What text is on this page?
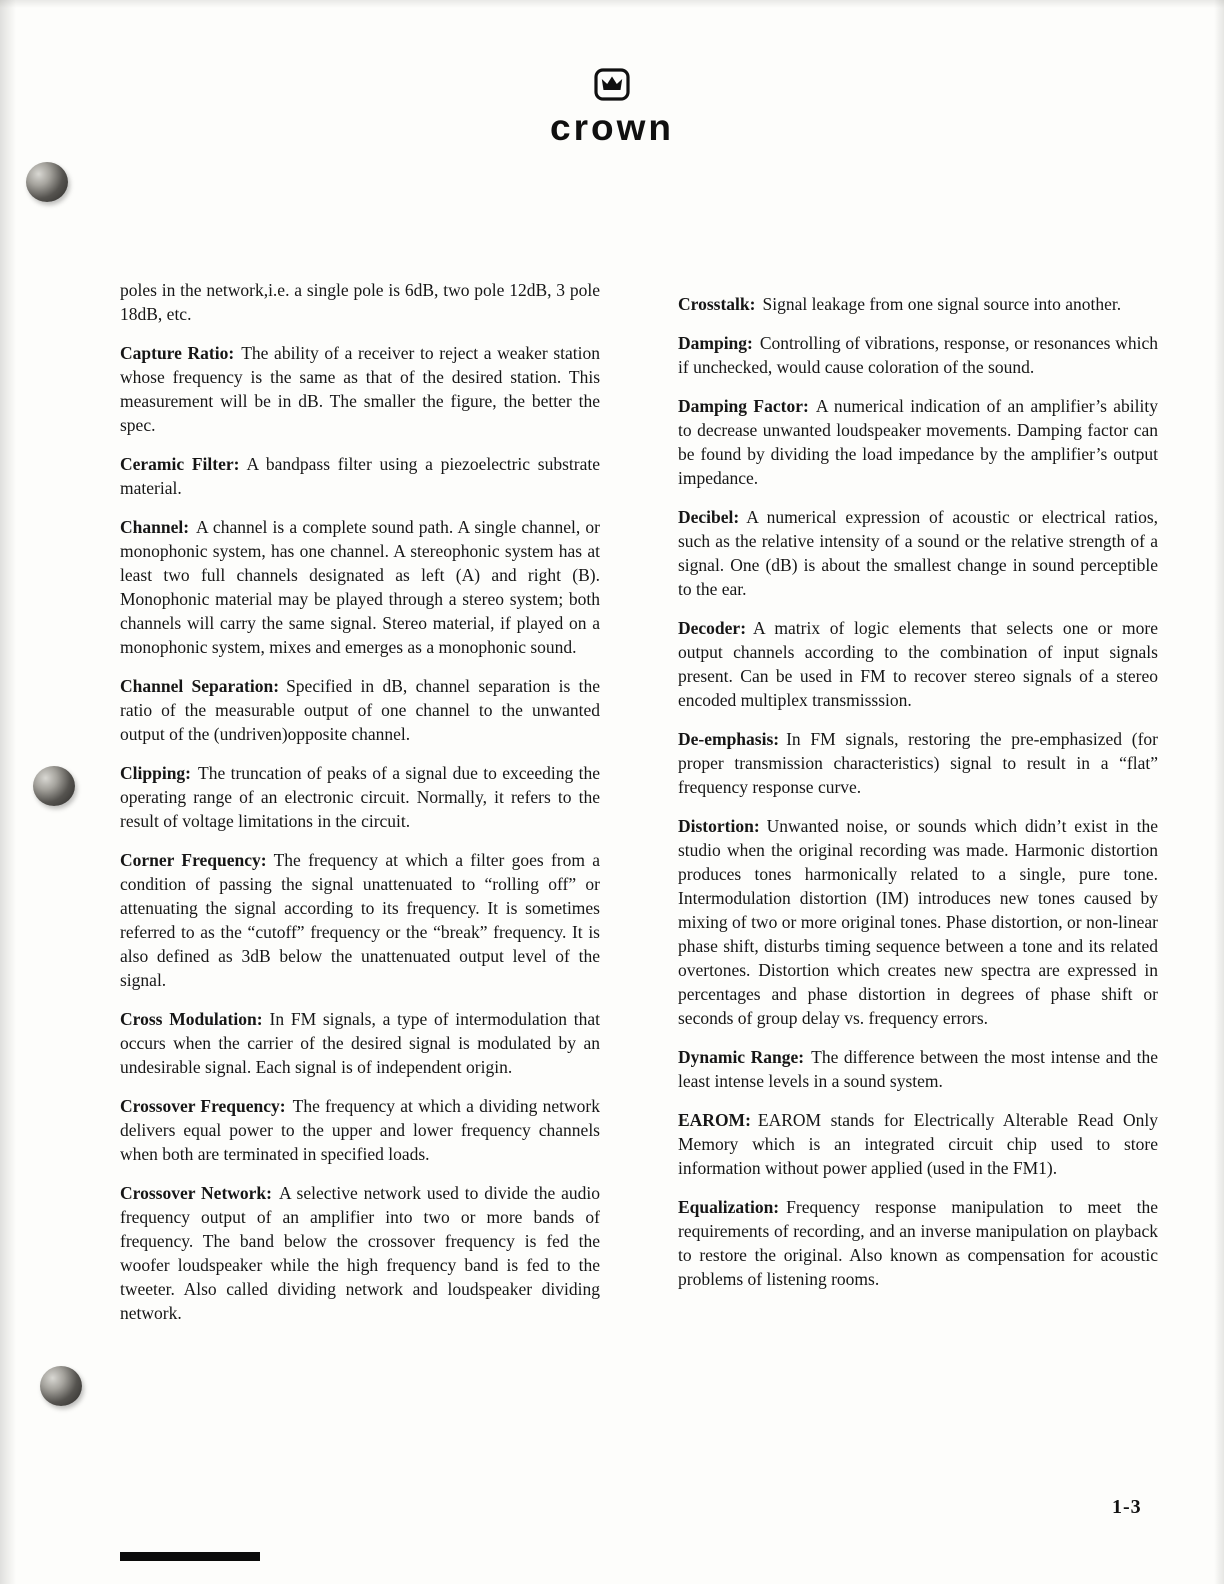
crown

poles in the network,i.e. a single pole is 6dB, two pole 12dB, 3 pole 18dB, etc.

Capture Ratio: The ability of a receiver to reject a weaker station whose frequency is the same as that of the desired station. This measurement will be in dB. The smaller the figure, the better the spec.

Ceramic Filter: A bandpass filter using a piezoelectric substrate material.

Channel: A channel is a complete sound path. A single channel, or monophonic system, has one channel. A stereophonic system has at least two full channels designated as left (A) and right (B). Monophonic material may be played through a stereo system; both channels will carry the same signal. Stereo material, if played on a monophonic system, mixes and emerges as a monophonic sound.

Channel Separation: Specified in dB, channel separation is the ratio of the measurable output of one channel to the unwanted output of the (undriven)opposite channel.

Clipping: The truncation of peaks of a signal due to exceeding the operating range of an electronic circuit. Normally, it refers to the result of voltage limitations in the circuit.

Corner Frequency: The frequency at which a filter goes from a condition of passing the signal unattenuated to “rolling off” or attenuating the signal according to its frequency. It is sometimes referred to as the “cutoff” frequency or the “break” frequency. It is also defined as 3dB below the unattenuated output level of the signal.

Cross Modulation: In FM signals, a type of intermodulation that occurs when the carrier of the desired signal is modulated by an undesirable signal. Each signal is of independent origin.

Crossover Frequency: The frequency at which a dividing network delivers equal power to the upper and lower frequency channels when both are terminated in specified loads.

Crossover Network: A selective network used to divide the audio frequency output of an amplifier into two or more bands of frequency. The band below the crossover frequency is fed the woofer loudspeaker while the high frequency band is fed to the tweeter. Also called dividing network and loudspeaker dividing network.

Crosstalk: Signal leakage from one signal source into another.

Damping: Controlling of vibrations, response, or resonances which if unchecked, would cause coloration of the sound.

Damping Factor: A numerical indication of an amplifier’s ability to decrease unwanted loudspeaker movements. Damping factor can be found by dividing the load impedance by the amplifier’s output impedance.

Decibel: A numerical expression of acoustic or electrical ratios, such as the relative intensity of a sound or the relative strength of a signal. One (dB) is about the smallest change in sound perceptible to the ear.

Decoder: A matrix of logic elements that selects one or more output channels according to the combination of input signals present. Can be used in FM to recover stereo signals of a stereo encoded multiplex transmisssion.

De-emphasis: In FM signals, restoring the pre-emphasized (for proper transmission characteristics) signal to result in a “flat” frequency response curve.

Distortion: Unwanted noise, or sounds which didn’t exist in the studio when the original recording was made. Harmonic distortion produces tones harmonically related to a single, pure tone. Intermodulation distortion (IM) introduces new tones caused by mixing of two or more original tones. Phase distortion, or non-linear phase shift, disturbs timing sequence between a tone and its related overtones. Distortion which creates new spectra are expressed in percentages and phase distortion in degrees of phase shift or seconds of group delay vs. frequency errors.

Dynamic Range: The difference between the most intense and the least intense levels in a sound system.

EAROM: EAROM stands for Electrically Alterable Read Only Memory which is an integrated circuit chip used to store information without power applied (used in the FM1).

Equalization: Frequency response manipulation to meet the requirements of recording, and an inverse manipulation on playback to restore the original. Also known as compensation for acoustic problems of listening rooms.

1-3
